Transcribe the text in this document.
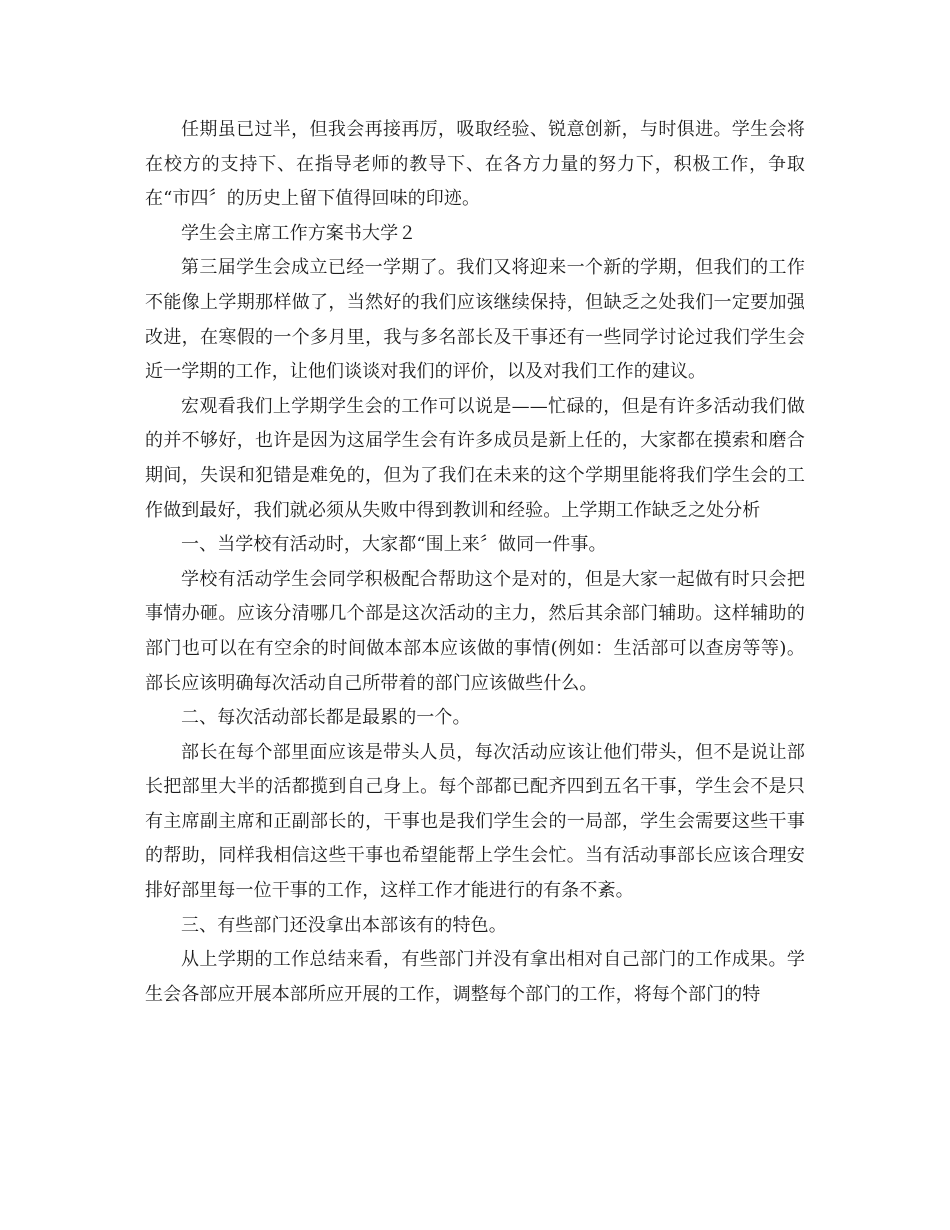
任期虽已过半，但我会再接再厉，吸取经验、锐意创新，与时俱进。学生会将在校方的支持下、在指导老师的教导下、在各方力量的努力下，积极工作，争取在“市四〞的历史上留下值得回味的印迹。

学生会主席工作方案书大学２

第三届学生会成立已经一学期了。我们又将迎来一个新的学期，但我们的工作不能像上学期那样做了，当然好的我们应该继续保持，但缺乏之处我们一定要加强改进，在寒假的一个多月里，我与多名部长及干事还有一些同学讨论过我们学生会近一学期的工作，让他们谈谈对我们的评价，以及对我们工作的建议。

宏观看我们上学期学生会的工作可以说是——忙碌的，但是有许多活动我们做的并不够好，也许是因为这届学生会有许多成员是新上任的，大家都在摸索和磨合期间，失误和犯错是难免的，但为了我们在未来的这个学期里能将我们学生会的工作做到最好，我们就必须从失败中得到教训和经验。上学期工作缺乏之处分析

一、当学校有活动时，大家都“围上来〞做同一件事。

学校有活动学生会同学积极配合帮助这个是对的，但是大家一起做有时只会把事情办砸。应该分清哪几个部是这次活动的主力，然后其余部门辅助。这样辅助的部门也可以在有空余的时间做本部本应该做的事情(例如：生活部可以查房等等)。部长应该明确每次活动自己所带着的部门应该做些什么。

二、每次活动部长都是最累的一个。

部长在每个部里面应该是带头人员，每次活动应该让他们带头，但不是说让部长把部里大半的活都揽到自己身上。每个部都已配齐四到五名干事，学生会不是只有主席副主席和正副部长的，干事也是我们学生会的一局部，学生会需要这些干事的帮助，同样我相信这些干事也希望能帮上学生会忙。当有活动事部长应该合理安排好部里每一位干事的工作，这样工作才能进行的有条不紊。

三、有些部门还没拿出本部该有的特色。

从上学期的工作总结来看，有些部门并没有拿出相对自己部门的工作成果。学生会各部应开展本部所应开展的工作，调整每个部门的工作，将每个部门的特
